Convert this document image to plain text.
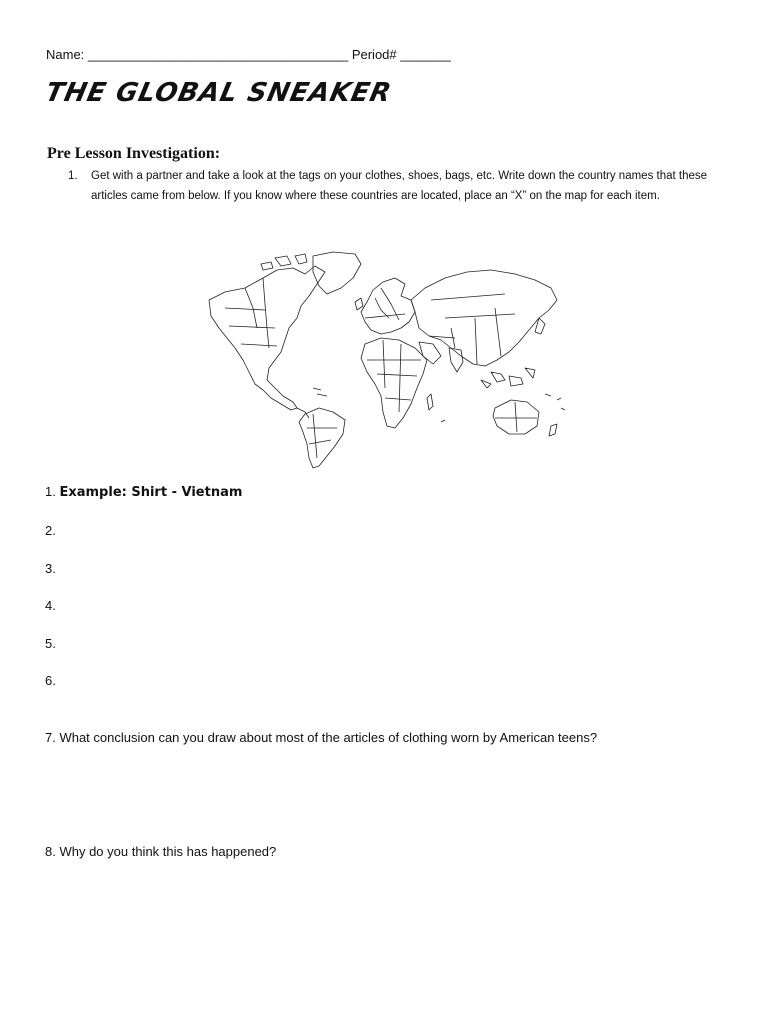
Name: ____________________________________ Period# _______
THE GLOBAL SNEAKER
Pre Lesson Investigation:
1. Get with a partner and take a look at the tags on your clothes, shoes, bags, etc. Write down the country names that these articles came from below. If you know where these countries are located, place an “X” on the map for each item.
1. Example: Shirt - Vietnam
2.
3.
4.
5.
6.
7. What conclusion can you draw about most of the articles of clothing worn by American teens?
8. Why do you think this has happened?
